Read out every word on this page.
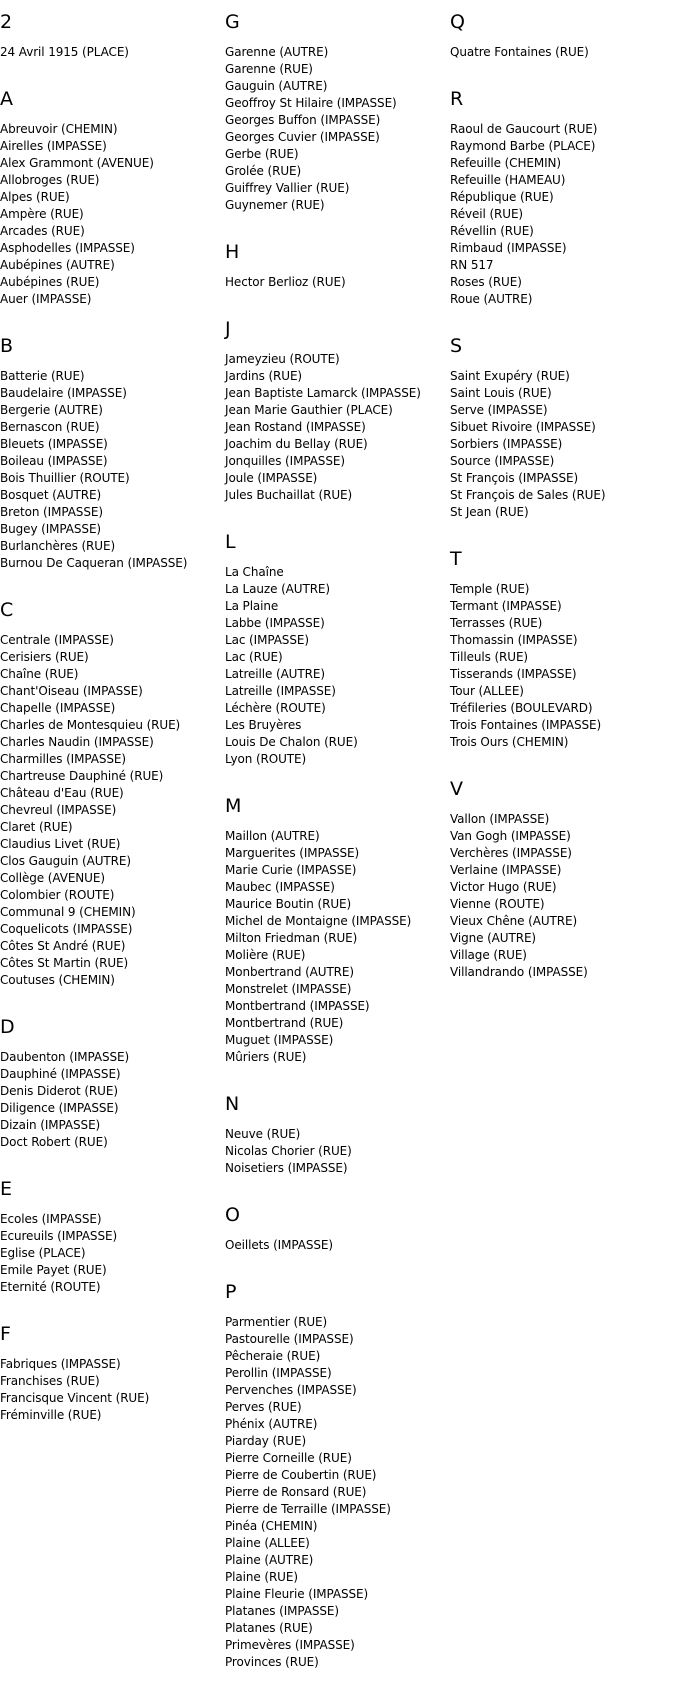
2
24 Avril 1915 (PLACE)
A
Abreuvoir (CHEMIN)
Airelles (IMPASSE)
Alex Grammont (AVENUE)
Allobroges (RUE)
Alpes (RUE)
Ampère (RUE)
Arcades (RUE)
Asphodelles (IMPASSE)
Aubépines (AUTRE)
Aubépines (RUE)
Auer (IMPASSE)
B
Batterie (RUE)
Baudelaire (IMPASSE)
Bergerie (AUTRE)
Bernascon (RUE)
Bleuets (IMPASSE)
Boileau (IMPASSE)
Bois Thuillier (ROUTE)
Bosquet (AUTRE)
Breton (IMPASSE)
Bugey (IMPASSE)
Burlanchères (RUE)
Burnou De Caqueran (IMPASSE)
C
Centrale (IMPASSE)
Cerisiers (RUE)
Chaîne (RUE)
Chant'Oiseau (IMPASSE)
Chapelle (IMPASSE)
Charles de Montesquieu (RUE)
Charles Naudin (IMPASSE)
Charmilles (IMPASSE)
Chartreuse Dauphiné (RUE)
Château d'Eau (RUE)
Chevreul (IMPASSE)
Claret (RUE)
Claudius Livet (RUE)
Clos Gauguin (AUTRE)
Collège (AVENUE)
Colombier (ROUTE)
Communal 9 (CHEMIN)
Coquelicots (IMPASSE)
Côtes St André (RUE)
Côtes St Martin (RUE)
Coutuses (CHEMIN)
D
Daubenton (IMPASSE)
Dauphiné (IMPASSE)
Denis Diderot (RUE)
Diligence (IMPASSE)
Dizain (IMPASSE)
Doct Robert (RUE)
E
Ecoles (IMPASSE)
Ecureuils (IMPASSE)
Eglise (PLACE)
Emile Payet (RUE)
Eternité (ROUTE)
F
Fabriques (IMPASSE)
Franchises (RUE)
Francisque Vincent (RUE)
Fréminville (RUE)
G
Garenne (AUTRE)
Garenne (RUE)
Gauguin (AUTRE)
Geoffroy St Hilaire (IMPASSE)
Georges Buffon (IMPASSE)
Georges Cuvier (IMPASSE)
Gerbe (RUE)
Grolée (RUE)
Guiffrey Vallier (RUE)
Guynemer (RUE)
H
Hector Berlioz (RUE)
J
Jameyzieu (ROUTE)
Jardins (RUE)
Jean Baptiste Lamarck (IMPASSE)
Jean Marie Gauthier (PLACE)
Jean Rostand (IMPASSE)
Joachim du Bellay (RUE)
Jonquilles (IMPASSE)
Joule (IMPASSE)
Jules Buchaillat (RUE)
L
La Chaîne
La Lauze (AUTRE)
La Plaine
Labbe (IMPASSE)
Lac (IMPASSE)
Lac (RUE)
Latreille (AUTRE)
Latreille (IMPASSE)
Léchère (ROUTE)
Les Bruyères
Louis De Chalon (RUE)
Lyon (ROUTE)
M
Maillon (AUTRE)
Marguerites (IMPASSE)
Marie Curie (IMPASSE)
Maubec (IMPASSE)
Maurice Boutin (RUE)
Michel de Montaigne (IMPASSE)
Milton Friedman (RUE)
Molière (RUE)
Monbertrand (AUTRE)
Monstrelet (IMPASSE)
Montbertrand (IMPASSE)
Montbertrand (RUE)
Muguet (IMPASSE)
Mûriers (RUE)
N
Neuve (RUE)
Nicolas Chorier (RUE)
Noisetiers (IMPASSE)
O
Oeillets (IMPASSE)
P
Parmentier (RUE)
Pastourelle (IMPASSE)
Pêcheraie (RUE)
Perollin (IMPASSE)
Pervenches (IMPASSE)
Perves (RUE)
Phénix (AUTRE)
Piarday (RUE)
Pierre Corneille (RUE)
Pierre de Coubertin (RUE)
Pierre de Ronsard (RUE)
Pierre de Terraille (IMPASSE)
Pinéa (CHEMIN)
Plaine (ALLEE)
Plaine (AUTRE)
Plaine (RUE)
Plaine Fleurie (IMPASSE)
Platanes (IMPASSE)
Platanes (RUE)
Primevères (IMPASSE)
Provinces (RUE)
Q
Quatre Fontaines (RUE)
R
Raoul de Gaucourt (RUE)
Raymond Barbe (PLACE)
Refeuille (CHEMIN)
Refeuille (HAMEAU)
République (RUE)
Réveil (RUE)
Révellin (RUE)
Rimbaud (IMPASSE)
RN 517
Roses (RUE)
Roue (AUTRE)
S
Saint Exupéry (RUE)
Saint Louis (RUE)
Serve (IMPASSE)
Sibuet Rivoire (IMPASSE)
Sorbiers (IMPASSE)
Source (IMPASSE)
St François (IMPASSE)
St François de Sales (RUE)
St Jean (RUE)
T
Temple (RUE)
Termant (IMPASSE)
Terrasses (RUE)
Thomassin (IMPASSE)
Tilleuls (RUE)
Tisserands (IMPASSE)
Tour (ALLEE)
Tréfileries (BOULEVARD)
Trois Fontaines (IMPASSE)
Trois Ours (CHEMIN)
V
Vallon (IMPASSE)
Van Gogh (IMPASSE)
Verchères (IMPASSE)
Verlaine (IMPASSE)
Victor Hugo (RUE)
Vienne (ROUTE)
Vieux Chêne (AUTRE)
Vigne (AUTRE)
Village (RUE)
Villandrando (IMPASSE)
